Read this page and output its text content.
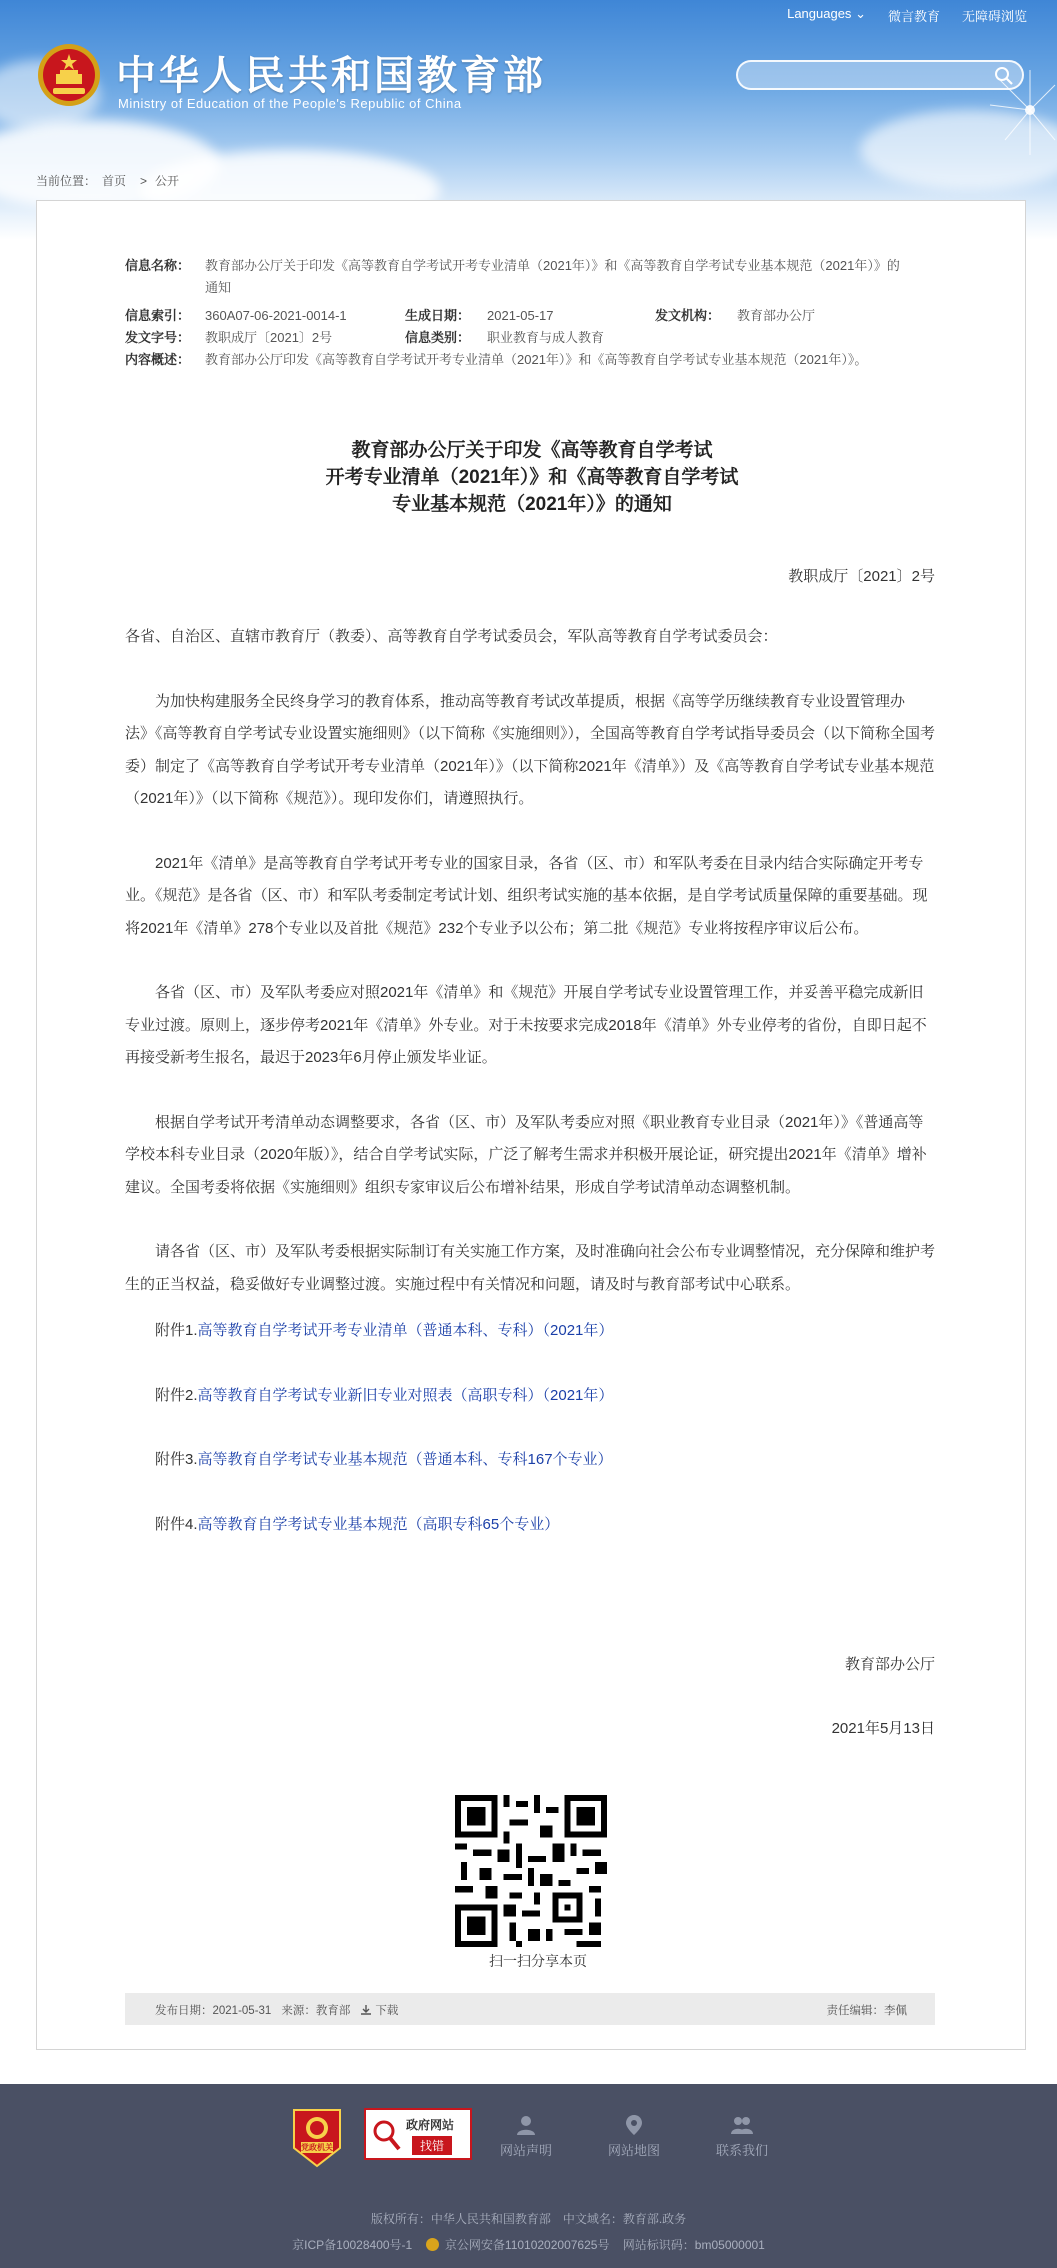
Languages ⌄ 微言教育 无障碍浏览
中华人民共和国教育部
Ministry of Education of the People's Republic of China
当前位置： 首页 > 公开
信息名称：	教育部办公厅关于印发《高等教育自学考试开考专业清单（2021年）》和《高等教育自学考试专业基本规范（2021年）》的通知
信息索引： 360A07-06-2021-0014-1	生成日期： 2021-05-17	发文机构： 教育部办公厅
发文字号： 教职成厅〔2021〕2号	信息类别： 职业教育与成人教育
内容概述：	教育部办公厅印发《高等教育自学考试开考专业清单（2021年）》和《高等教育自学考试专业基本规范（2021年）》。
教育部办公厅关于印发《高等教育自学考试
开考专业清单（2021年）》和《高等教育自学考试
专业基本规范（2021年）》的通知
教职成厅〔2021〕2号

各省、自治区、直辖市教育厅（教委）、高等教育自学考试委员会，军队高等教育自学考试委员会：

为加快构建服务全民终身学习的教育体系，推动高等教育考试改革提质，根据《高等学历继续教育专业设置管理办法》《高等教育自学考试专业设置实施细则》（以下简称《实施细则》），全国高等教育自学考试指导委员会（以下简称全国考委）制定了《高等教育自学考试开考专业清单（2021年）》（以下简称2021年《清单》）及《高等教育自学考试专业基本规范（2021年）》（以下简称《规范》）。现印发你们，请遵照执行。

2021年《清单》是高等教育自学考试开考专业的国家目录，各省（区、市）和军队考委在目录内结合实际确定开考专业。《规范》是各省（区、市）和军队考委制定考试计划、组织考试实施的基本依据，是自学考试质量保障的重要基础。现将2021年《清单》278个专业以及首批《规范》232个专业予以公布；第二批《规范》专业将按程序审议后公布。

各省（区、市）及军队考委应对照2021年《清单》和《规范》开展自学考试专业设置管理工作，并妥善平稳完成新旧专业过渡。原则上，逐步停考2021年《清单》外专业。对于未按要求完成2018年《清单》外专业停考的省份，自即日起不再接受新考生报名，最迟于2023年6月停止颁发毕业证。

根据自学考试开考清单动态调整要求，各省（区、市）及军队考委应对照《职业教育专业目录（2021年）》《普通高等学校本科专业目录（2020年版）》，结合自学考试实际，广泛了解考生需求并积极开展论证，研究提出2021年《清单》增补建议。全国考委将依据《实施细则》组织专家审议后公布增补结果，形成自学考试清单动态调整机制。

请各省（区、市）及军队考委根据实际制订有关实施工作方案，及时准确向社会公布专业调整情况，充分保障和维护考生的正当权益，稳妥做好专业调整过渡。实施过程中有关情况和问题，请及时与教育部考试中心联系。

附件1.高等教育自学考试开考专业清单（普通本科、专科）（2021年）

附件2.高等教育自学考试专业新旧专业对照表（高职专科）（2021年）

附件3.高等教育自学考试专业基本规范（普通本科、专科167个专业）

附件4.高等教育自学考试专业基本规范（高职专科65个专业）

教育部办公厅
2021年5月13日
扫一扫分享本页
发布日期：2021-05-31 来源：教育部 下载	责任编辑：李佩
党政机关
政府网站
找错	网站声明	网站地图	联系我们
版权所有：中华人民共和国教育部　中文域名：教育部.政务
京ICP备10028400号-1	京公网安备11010202007625号 网站标识码：bm05000001
